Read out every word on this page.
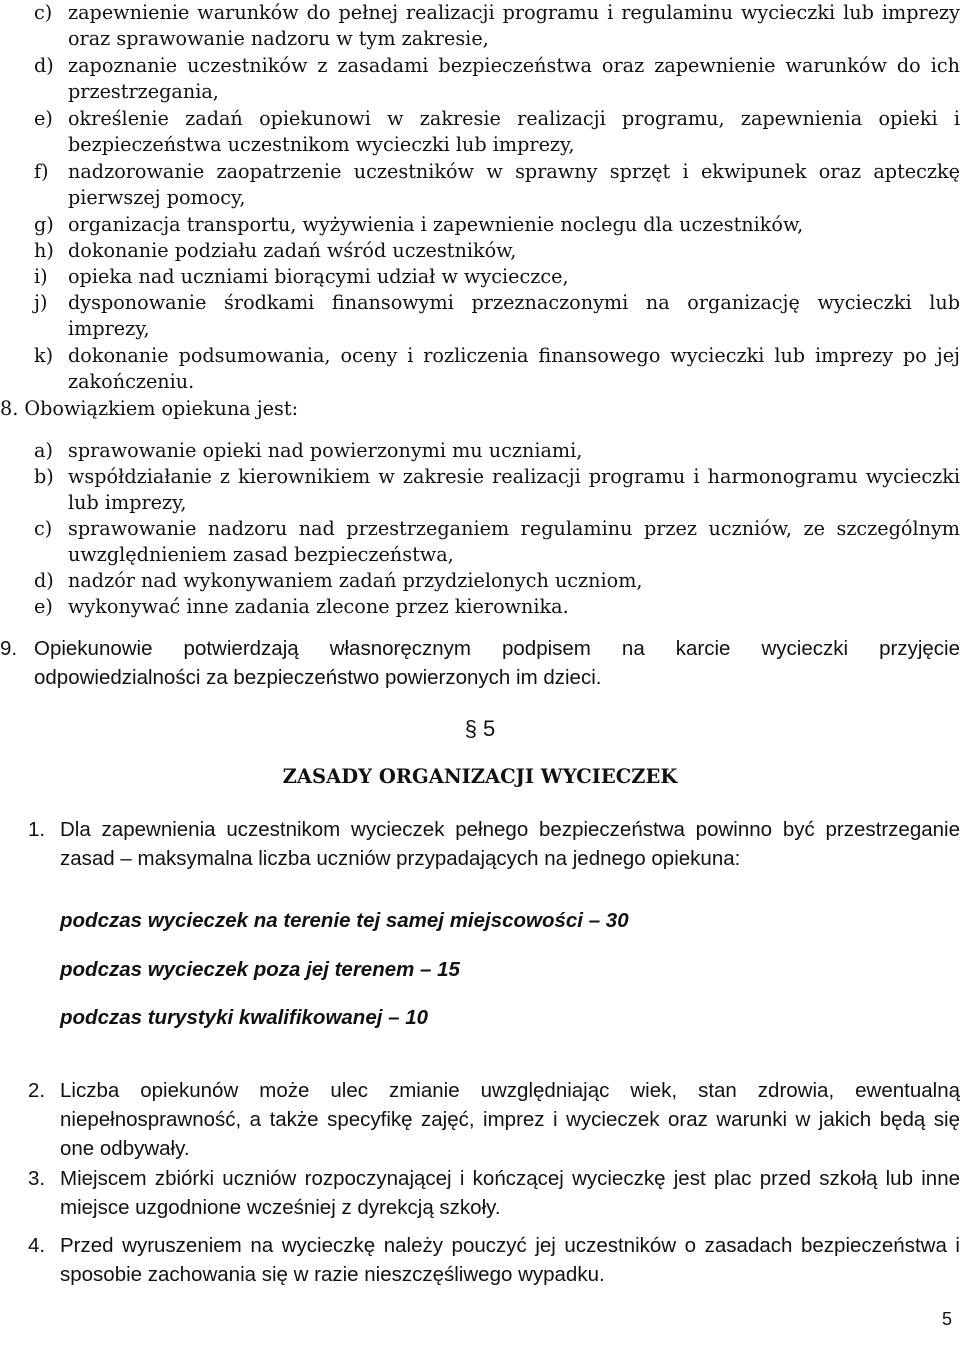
c) zapewnienie warunków do pełnej realizacji programu i regulaminu wycieczki lub imprezy oraz sprawowanie nadzoru w tym zakresie,
d) zapoznanie uczestników z zasadami bezpieczeństwa oraz zapewnienie warunków do ich przestrzegania,
e) określenie zadań opiekunowi w zakresie realizacji programu, zapewnienia opieki i bezpieczeństwa uczestnikom wycieczki lub imprezy,
f) nadzorowanie zaopatrzenie uczestników w sprawny sprzęt i ekwipunek oraz apteczkę pierwszej pomocy,
g) organizacja transportu, wyżywienia i zapewnienie noclegu dla uczestników,
h) dokonanie podziału zadań wśród uczestników,
i) opieka nad uczniami biorącymi udział w wycieczce,
j) dysponowanie środkami finansowymi przeznaczonymi na organizację wycieczki lub imprezy,
k) dokonanie podsumowania, oceny i rozliczenia finansowego wycieczki lub imprezy po jej zakończeniu.
8. Obowiązkiem opiekuna jest:
a) sprawowanie opieki nad powierzonymi mu uczniami,
b) współdziałanie z kierownikiem w zakresie realizacji programu i harmonogramu wycieczki lub imprezy,
c) sprawowanie nadzoru nad przestrzeganiem regulaminu przez uczniów, ze szczególnym uwzględnieniem zasad bezpieczeństwa,
d) nadzór nad wykonywaniem zadań przydzielonych uczniom,
e) wykonywać inne zadania zlecone przez kierownika.
9. Opiekunowie potwierdzają własnoręcznym podpisem na karcie wycieczki przyjęcie
odpowiedzialności za bezpieczeństwo powierzonych im dzieci.
§ 5
ZASADY ORGANIZACJI WYCIECZEK
1. Dla zapewnienia uczestnikom wycieczek pełnego bezpieczeństwa powinno być przestrzeganie zasad – maksymalna liczba uczniów przypadających na jednego opiekuna:
podczas wycieczek na terenie tej samej miejscowości – 30
podczas wycieczek poza jej terenem – 15
podczas turystyki kwalifikowanej – 10
2. Liczba opiekunów może ulec zmianie uwzględniając wiek, stan zdrowia, ewentualną niepełnosprawność, a także specyfikę zajęć, imprez i wycieczek oraz warunki w jakich będą się one odbywały.
3. Miejscem zbiórki uczniów rozpoczynającej i kończącej wycieczkę jest plac przed szkołą lub inne miejsce uzgodnione wcześniej z dyrekcją szkoły.
4. Przed wyruszeniem na wycieczkę należy pouczyć jej uczestników o zasadach bezpieczeństwa i sposobie zachowania się w razie nieszczęśliwego wypadku.
5
